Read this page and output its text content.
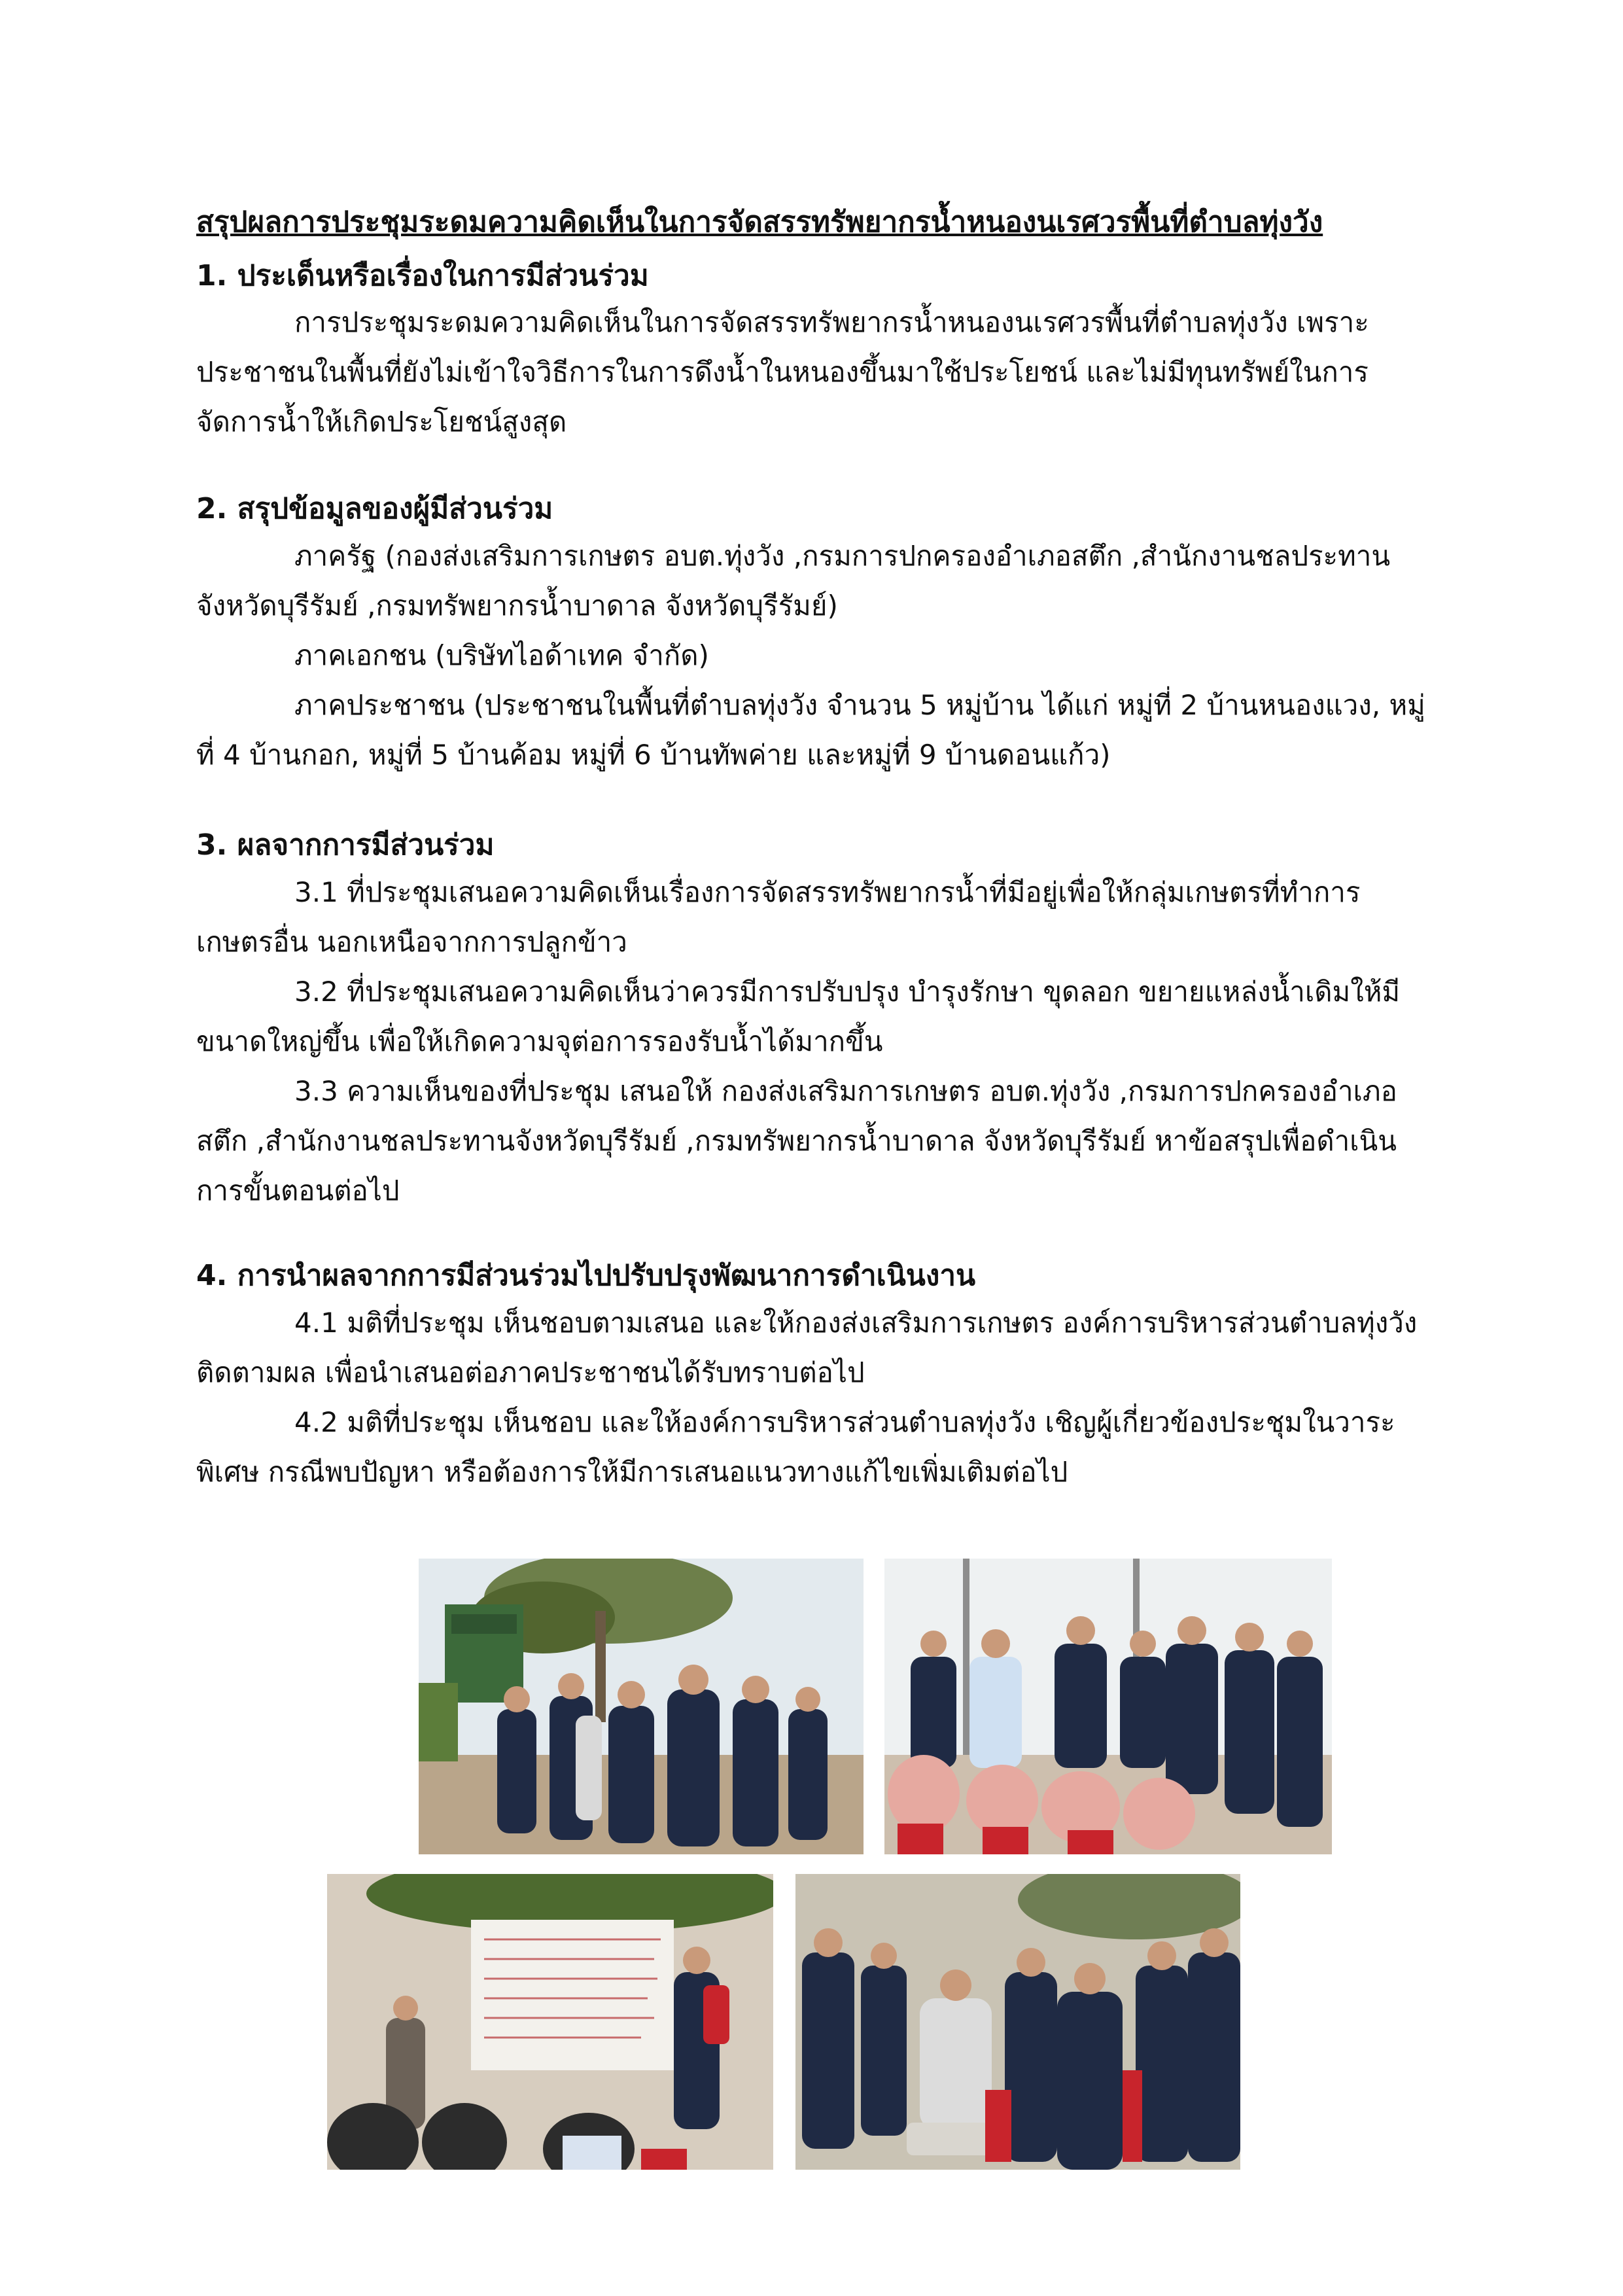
สรุปผลการประชุมระดมความคิดเห็นในการจัดสรรทรัพยากรน้ำหนองนเรศวรพื้นที่ตำบลทุ่งวัง
1. ประเด็นหรือเรื่องในการมีส่วนร่วม
การประชุมระดมความคิดเห็นในการจัดสรรทรัพยากรน้ำหนองนเรศวรพื้นที่ตำบลทุ่งวัง เพราะประชาชนในพื้นที่ยังไม่เข้าใจวิธีการในการดึงน้ำในหนองขึ้นมาใช้ประโยชน์ และไม่มีทุนทรัพย์ในการจัดการน้ำให้เกิดประโยชน์สูงสุด
2. สรุปข้อมูลของผู้มีส่วนร่วม
ภาครัฐ (กองส่งเสริมการเกษตร อบต.ทุ่งวัง ,กรมการปกครองอำเภอสตึก ,สำนักงานชลประทานจังหวัดบุรีรัมย์ ,กรมทรัพยากรน้ำบาดาล จังหวัดบุรีรัมย์)
ภาคเอกชน (บริษัทไอด้าเทค จำกัด)
ภาคประชาชน (ประชาชนในพื้นที่ตำบลทุ่งวัง จำนวน 5 หมู่บ้าน ได้แก่ หมู่ที่ 2 บ้านหนองแวง, หมู่ที่ 4 บ้านกอก, หมู่ที่ 5 บ้านค้อม หมู่ที่ 6 บ้านทัพค่าย และหมู่ที่ 9 บ้านดอนแก้ว)
3. ผลจากการมีส่วนร่วม
3.1 ที่ประชุมเสนอความคิดเห็นเรื่องการจัดสรรทรัพยากรน้ำที่มีอยู่เพื่อให้กลุ่มเกษตรที่ทำการเกษตรอื่น นอกเหนือจากการปลูกข้าว
3.2 ที่ประชุมเสนอความคิดเห็นว่าควรมีการปรับปรุง บำรุงรักษา ขุดลอก ขยายแหล่งน้ำเดิมให้มีขนาดใหญ่ขึ้น เพื่อให้เกิดความจุต่อการรองรับน้ำได้มากขึ้น
3.3 ความเห็นของที่ประชุม เสนอให้ กองส่งเสริมการเกษตร อบต.ทุ่งวัง ,กรมการปกครองอำเภอสตึก ,สำนักงานชลประทานจังหวัดบุรีรัมย์ ,กรมทรัพยากรน้ำบาดาล จังหวัดบุรีรัมย์ หาข้อสรุปเพื่อดำเนินการขั้นตอนต่อไป
4. การนำผลจากการมีส่วนร่วมไปปรับปรุงพัฒนาการดำเนินงาน
4.1 มติที่ประชุม เห็นชอบตามเสนอ และให้กองส่งเสริมการเกษตร องค์การบริหารส่วนตำบลทุ่งวังติดตามผล เพื่อนำเสนอต่อภาคประชาชนได้รับทราบต่อไป
4.2 มติที่ประชุม เห็นชอบ และให้องค์การบริหารส่วนตำบลทุ่งวัง เชิญผู้เกี่ยวข้องประชุมในวาระพิเศษ กรณีพบปัญหา หรือต้องการให้มีการเสนอแนวทางแก้ไขเพิ่มเติมต่อไป
